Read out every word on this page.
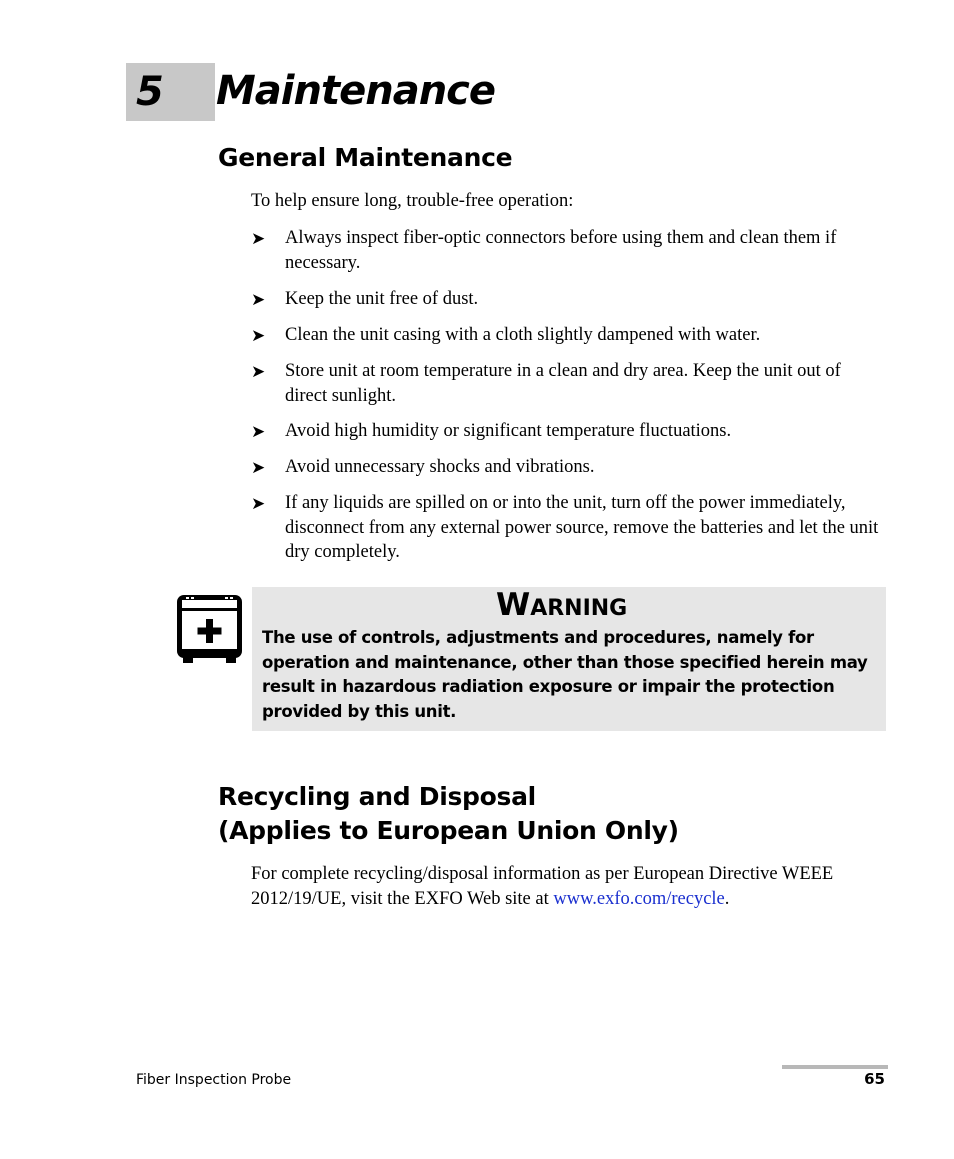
5 Maintenance
General Maintenance
To help ensure long, trouble-free operation:
➤ Always inspect fiber-optic connectors before using them and clean them if necessary.
➤ Keep the unit free of dust.
➤ Clean the unit casing with a cloth slightly dampened with water.
➤ Store unit at room temperature in a clean and dry area. Keep the unit out of direct sunlight.
➤ Avoid high humidity or significant temperature fluctuations.
➤ Avoid unnecessary shocks and vibrations.
➤ If any liquids are spilled on or into the unit, turn off the power immediately, disconnect from any external power source, remove the batteries and let the unit dry completely.
Warning
The use of controls, adjustments and procedures, namely for operation and maintenance, other than those specified herein may result in hazardous radiation exposure or impair the protection provided by this unit.
Recycling and Disposal
(Applies to European Union Only)
For complete recycling/disposal information as per European Directive WEEE 2012/19/UE, visit the EXFO Web site at www.exfo.com/recycle.
Fiber Inspection Probe	65
